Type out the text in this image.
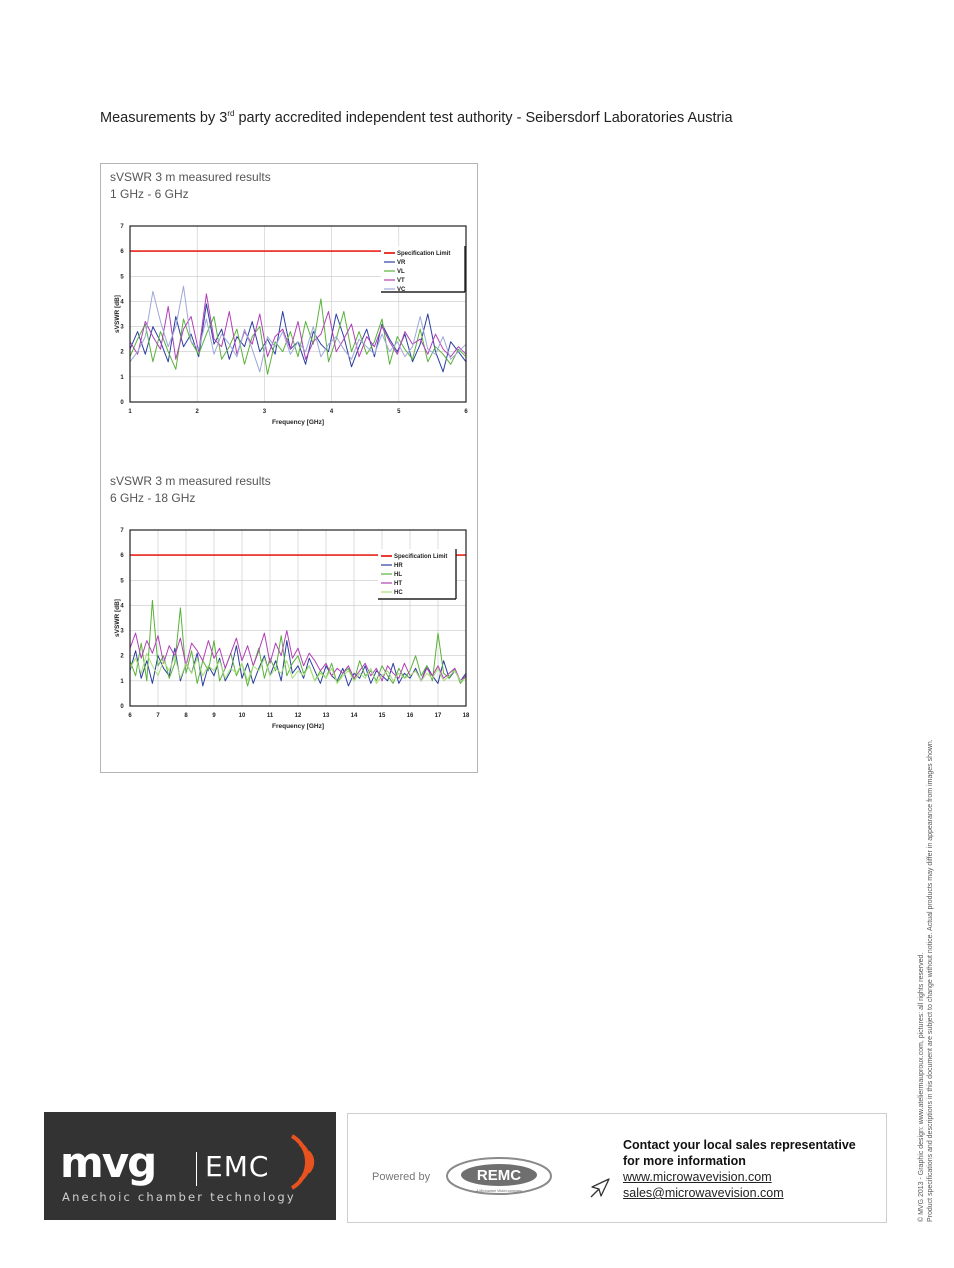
Measurements by 3rd party accredited independent test authority - Seibersdorf Laboratories Austria
sVSWR 3 m measured results
1 GHz - 6 GHz
1	2	3	4	5	6
0
1
2
3
4
5
6
7
Specification Limit
VR
VL
VT
VC
Frequency [GHz]
sVSWR [dB]
sVSWR 3 m measured results
6 GHz - 18 GHz
6	7	8	9	10	11	12	13	14	15	16	17	18
0
1
2
3
4
5
6
7
Specification Limit
HR
HL
HT
HC
Frequency [GHz]
sVSWR [dB]
mvg EMC
Anechoic chamber technology
Powered by	REMC
A Microwave Vision company
Contact your local sales representative for more information
www.microwavevision.com
sales@microwavevision.com	© MVG 2013 - Graphic design: www.ateliermauproux.com, pictures: all rights reserved. Product specifications and descriptions in this document are subject to change without notice. Actual products may differ in appearance from images shown.
